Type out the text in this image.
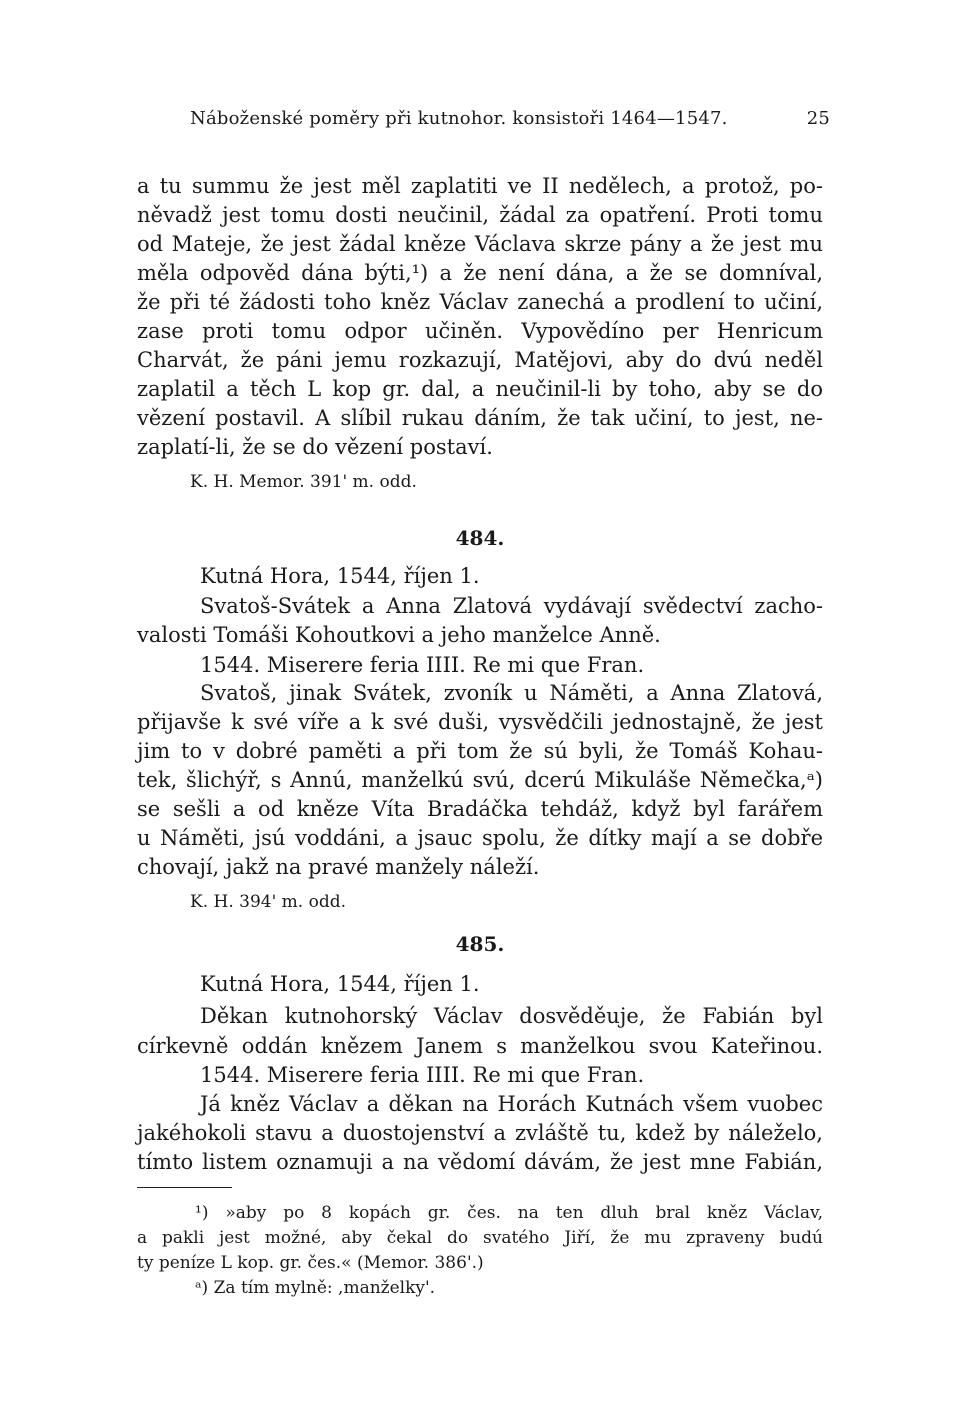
Náboženské poměry při kutnohor. konsistoři 1464—1547.	25
a tu summu že jest měl zaplatiti ve II nedělech, a protož, po-
něvadž jest tomu dosti neučinil, žádal za opatření. Proti tomu
od Mateje, že jest žádal kněze Václava skrze pány a že jest mu
měla odpověd dána býti,¹) a že není dána, a že se domníval,
že při té žádosti toho kněz Václav zanechá a prodlení to učiní,
zase proti tomu odpor učiněn. Vypovědíno per Henricum
Charvát, že páni jemu rozkazují, Matějovi, aby do dvú neděl
zaplatil a těch L kop gr. dal, a neučinil-li by toho, aby se do
vězení postavil. A slíbil rukau dáním, že tak učiní, to jest, ne-
zaplatí-li, že se do vězení postaví.
K. H. Memor. 391' m. odd.
484.
Kutná Hora, 1544, říjen 1.
Svatoš-Svátek a Anna Zlatová vydávají svědectví zacho-
valosti Tomáši Kohoutkovi a jeho manželce Anně.
1544. Miserere feria IIII. Re mi que Fran.
Svatoš, jinak Svátek, zvoník u Náměti, a Anna Zlatová,
přijavše k své víře a k své duši, vysvědčili jednostajně, že jest
jim to v dobré paměti a při tom že sú byli, že Tomáš Kohau-
tek, šlichýř, s Annú, manželkú svú, dcerú Mikuláše Němečka,ᵃ)
se sešli a od kněze Víta Bradáčka tehdáž, když byl farářem
u Náměti, jsú voddáni, a jsauc spolu, že dítky mají a se dobře
chovají, jakž na pravé manžely náleží.
K. H. 394' m. odd.
485.
Kutná Hora, 1544, říjen 1.
Děkan kutnohorský Václav dosvěděuje, že Fabián byl
církevně oddán knězem Janem s manželkou svou Kateřinou.
1544. Miserere feria IIII. Re mi que Fran.
Já kněz Václav a děkan na Horách Kutnách všem vuobec
jakéhokoli stavu a duostojenství a zvláště tu, kdež by náleželo,
tímto listem oznamuji a na vědomí dávám, že jest mne Fabián,
¹) »aby po 8 kopách gr. čes. na ten dluh bral kněz Václav,
a pakli jest možné, aby čekal do svatého Jiří, že mu zpraveny budú
ty peníze L kop. gr. čes.« (Memor. 386'.)
ᵃ) Za tím mylně: ,manželky'.
